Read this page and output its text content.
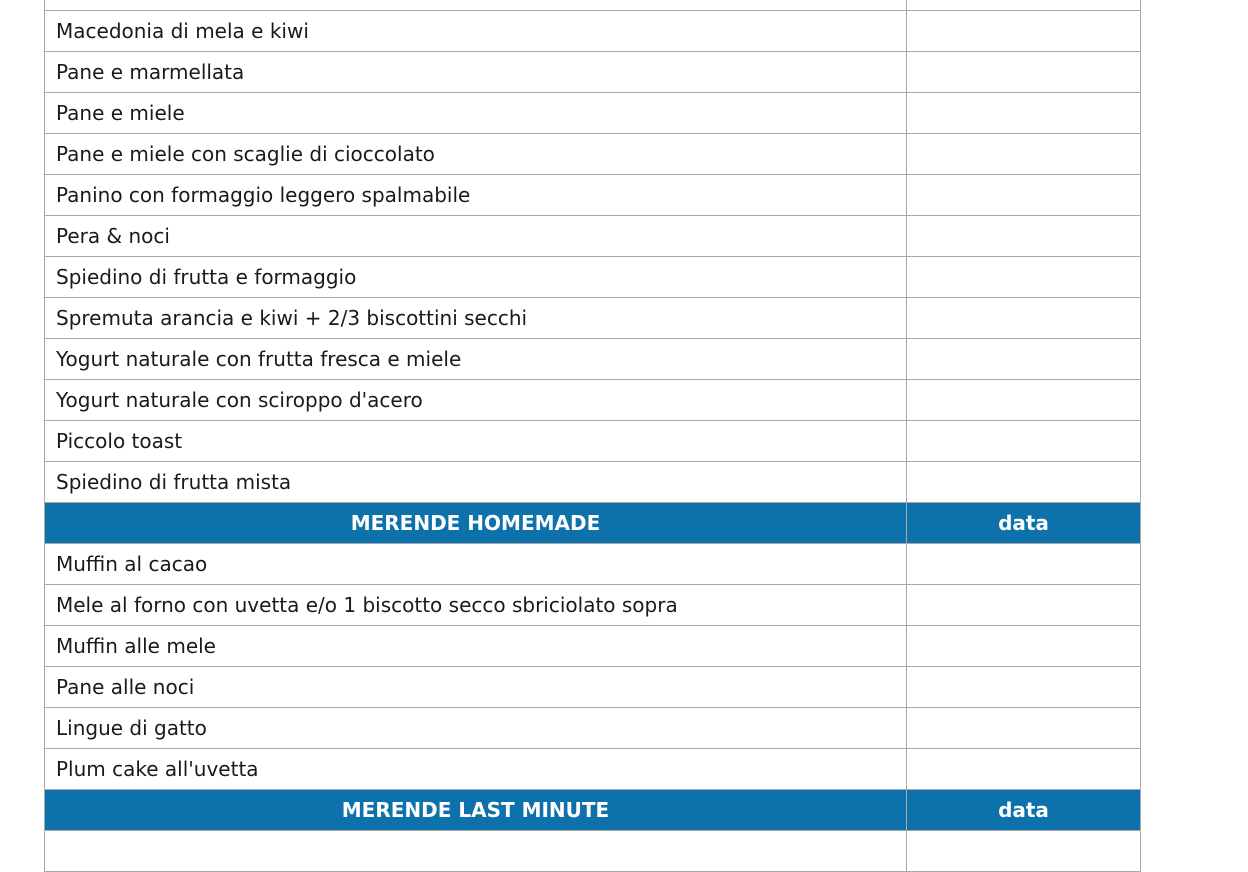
Macedonia di mela e kiwi	
Pane e marmellata	
Pane e miele	
Pane e miele con scaglie di cioccolato	
Panino con formaggio leggero spalmabile	
Pera & noci	
Spiedino di frutta e formaggio	
Spremuta arancia e kiwi + 2/3 biscottini secchi	
Yogurt naturale con frutta fresca e miele	
Yogurt naturale con sciroppo d'acero	
Piccolo toast	
Spiedino di frutta mista	
MERENDE HOMEMADE	data
Muffin al cacao	
Mele al forno con uvetta e/o 1 biscotto secco sbriciolato sopra	
Muffin alle mele	
Pane alle noci	
Lingue di gatto	
Plum cake all'uvetta	
MERENDE LAST MINUTE	data
